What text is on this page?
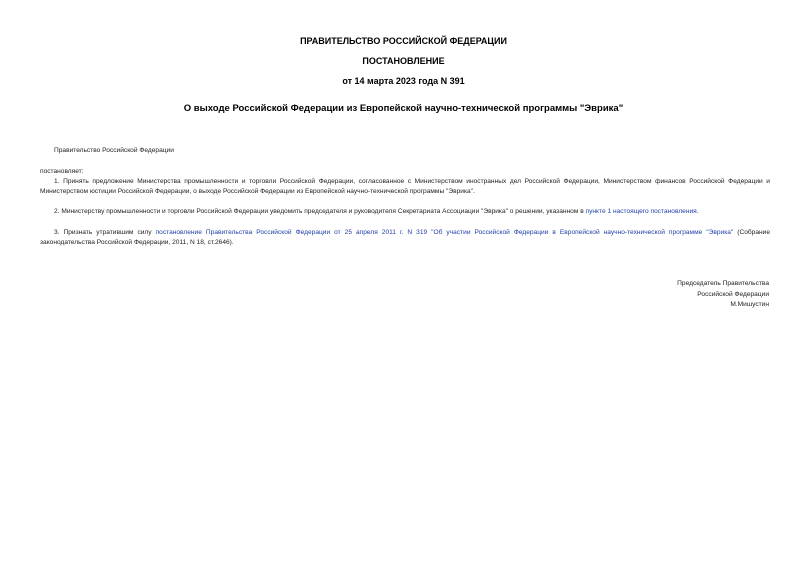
ПРАВИТЕЛЬСТВО РОССИЙСКОЙ ФЕДЕРАЦИИ
ПОСТАНОВЛЕНИЕ
от 14 марта 2023 года N 391
О выходе Российской Федерации из Европейской научно-технической программы "Эврика"
Правительство Российской Федерации
постановляет:
1. Принять предложение Министерства промышленности и торговли Российской Федерации, согласованное с Министерством иностранных дел Российской Федерации, Министерством финансов Российской Федерации и Министерством юстиции Российской Федерации, о выходе Российской Федерации из Европейской научно-технической программы "Эврика".
2. Министерству промышленности и торговли Российской Федерации уведомить председателя и руководителя Секретариата Ассоциации "Эврика" о решении, указанном в пункте 1 настоящего постановления.
3. Признать утратившим силу постановление Правительства Российской Федерации от 25 апреля 2011 г. N 319 "Об участии Российской Федерации в Европейской научно-технической программе "Эврика" (Собрание законодательства Российской Федерации, 2011, N 18, ст.2646).
Председатель Правительства
Российской Федерации
М.Мишустин
